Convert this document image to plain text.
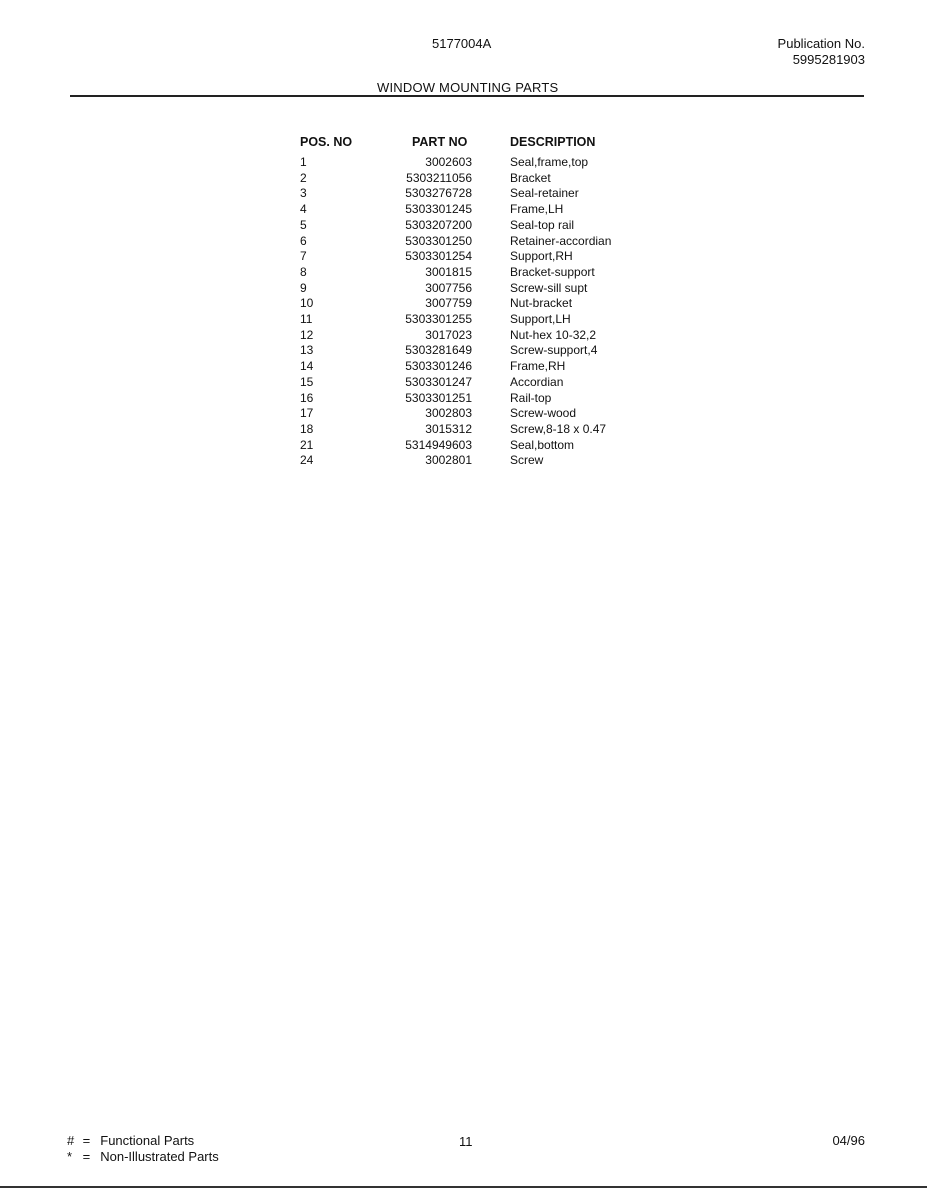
5177004A	Publication No.
5995281903
WINDOW MOUNTING PARTS
POS. NO	PART NO		DESCRIPTION
1	3002603		Seal,frame,top
2	5303211056		Bracket
3	5303276728		Seal-retainer
4	5303301245		Frame,LH
5	5303207200		Seal-top rail
6	5303301250		Retainer-accordian
7	5303301254		Support,RH
8	3001815		Bracket-support
9	3007756		Screw-sill supt
10	3007759		Nut-bracket
11	5303301255		Support,LH
12	3017023		Nut-hex 10-32,2
13	5303281649		Screw-support,4
14	5303301246		Frame,RH
15	5303301247		Accordian
16	5303301251		Rail-top
17	3002803		Screw-wood
18	3015312		Screw,8-18 x 0.47
21	5314949603		Seal,bottom
24	3002801		Screw
# = Functional Parts
* = Non-Illustrated Parts
11	04/96
